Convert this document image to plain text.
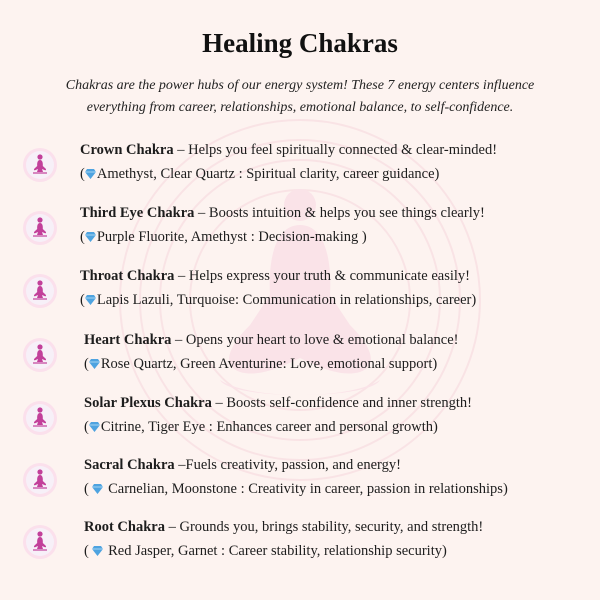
Healing Chakras
Chakras are the power hubs of our energy system! These 7 energy centers influence
everything from career, relationships, emotional balance, to self-confidence.
Crown Chakra – Helps you feel spiritually connected & clear-minded!
( Amethyst, Clear Quartz : Spiritual clarity, career guidance)
Third Eye Chakra – Boosts intuition & helps you see things clearly!
( Purple Fluorite, Amethyst : Decision-making )
Throat Chakra – Helps express your truth & communicate easily!
( Lapis Lazuli, Turquoise: Communication in relationships, career)
Heart Chakra – Opens your heart to love & emotional balance!
( Rose Quartz, Green Aventurine: Love, emotional support)
Solar Plexus Chakra – Boosts self-confidence and inner strength!
( Citrine, Tiger Eye : Enhances career and personal growth)
Sacral Chakra –Fuels creativity, passion, and energy!
(  Carnelian, Moonstone : Creativity in career, passion in relationships)
Root Chakra – Grounds you, brings stability, security, and strength!
(  Red Jasper, Garnet : Career stability, relationship security)
